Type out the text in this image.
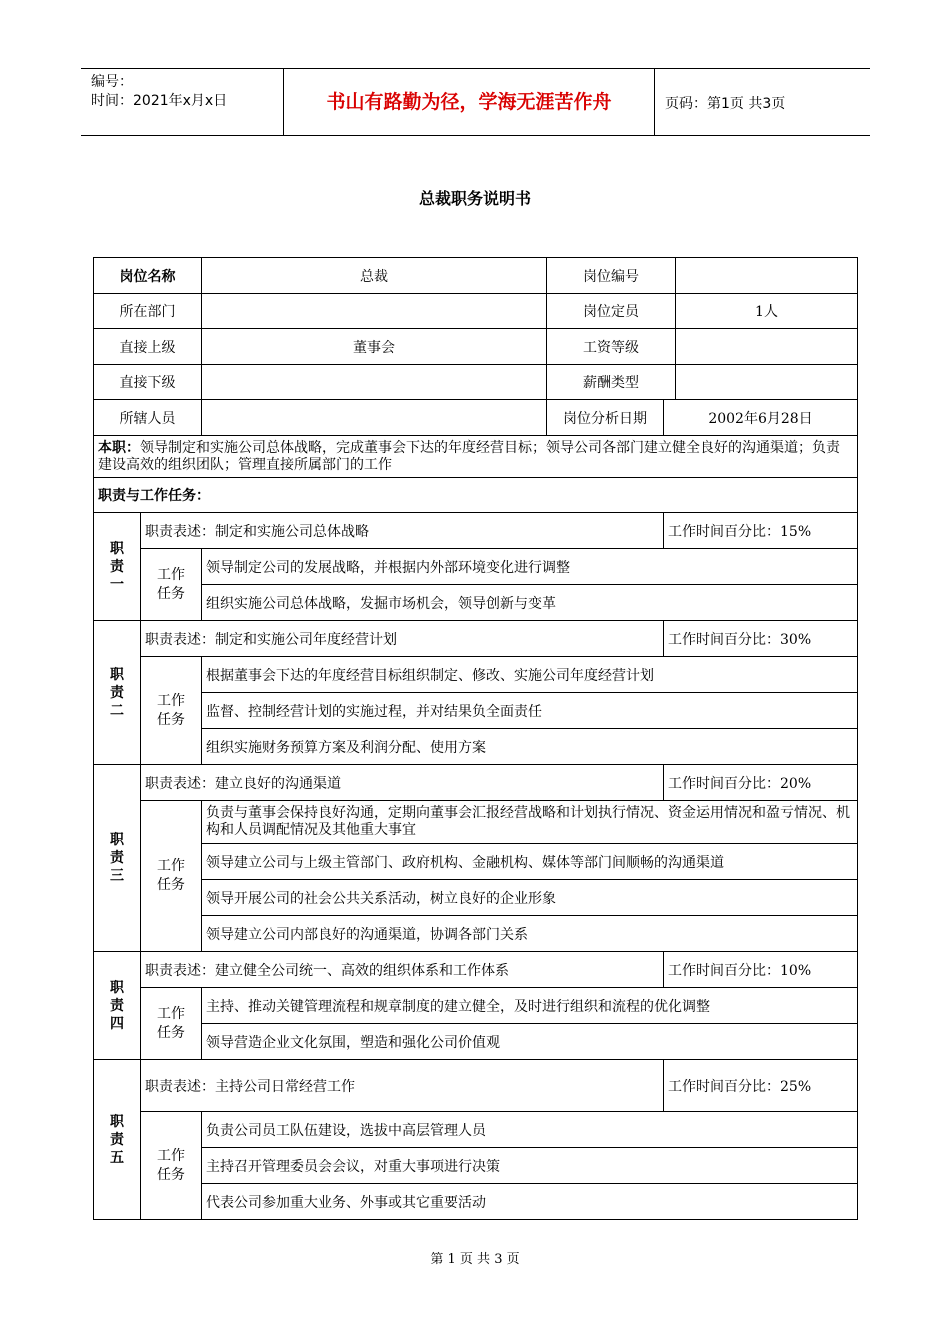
编号：
时间：2021年x月x日	书山有路勤为径，学海无涯苦作舟	页码：第1页 共3页
总裁职务说明书
岗位名称		总裁	岗位编号		
所在部门			岗位定员		1人
直接上级		董事会	工资等级		
直接下级			薪酬类型		
所辖人员			岗位分析日期	2002年6月28日	
本职：领导制定和实施公司总体战略，完成董事会下达的年度经营目标；领导公司各部门建立健全良好的沟通渠道；负责建设高效的组织团队；管理直接所属部门的工作					
职责与工作任务：					

职
责
一	职责表述：制定和实施公司总体战略			工作时间百分比：15%	

	工作
任务	领导制定公司的发展战略，并根据内外部环境变化进行调整			
		组织实施公司总体战略，发掘市场机会，领导创新与变革			

职
责
二	职责表述：制定和实施公司年度经营计划			工作时间百分比：30%	

	工作
任务	根据董事会下达的年度经营目标组织制定、修改、实施公司年度经营计划			
		监督、控制经营计划的实施过程，并对结果负全面责任			
		组织实施财务预算方案及利润分配、使用方案			

职
责
三	职责表述：建立良好的沟通渠道			工作时间百分比：20%	

	工作
任务	负责与董事会保持良好沟通，定期向董事会汇报经营战略和计划执行情况、资金运用情况和盈亏情况、机构和人员调配情况及其他重大事宜			
		领导建立公司与上级主管部门、政府机构、金融机构、媒体等部门间顺畅的沟通渠道			
		领导开展公司的社会公共关系活动，树立良好的企业形象			
		领导建立公司内部良好的沟通渠道，协调各部门关系			

职
责
四	职责表述：建立健全公司统一、高效的组织体系和工作体系			工作时间百分比：10%	

	工作
任务	主持、推动关键管理流程和规章制度的建立健全，及时进行组织和流程的优化调整			
		领导营造企业文化氛围，塑造和强化公司价值观			

职
责
五	职责表述：主持公司日常经营工作			工作时间百分比：25%	

	工作
任务	负责公司员工队伍建设，选拔中高层管理人员			
		主持召开管理委员会会议，对重大事项进行决策			
		代表公司参加重大业务、外事或其它重要活动			
第 1 页 共 3 页
